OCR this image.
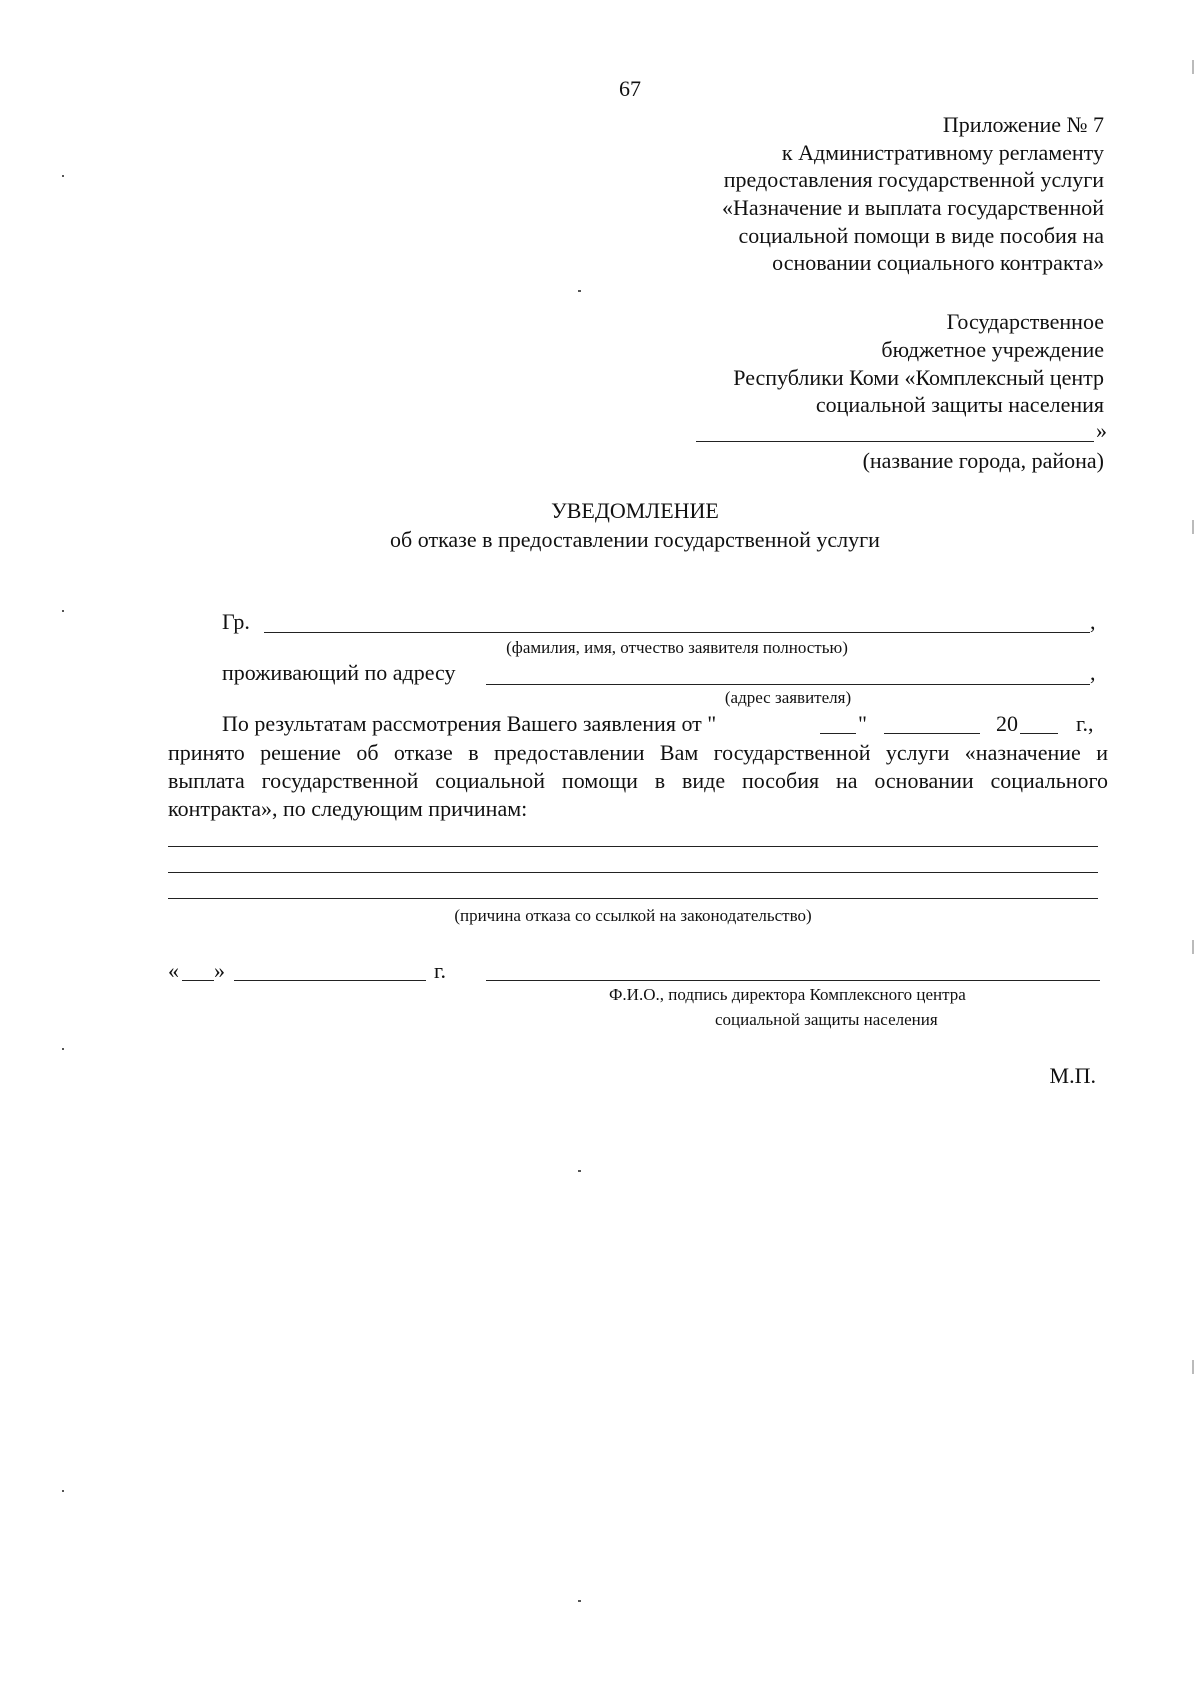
67
Приложение № 7
к Административному регламенту
предоставления государственной услуги
«Назначение и выплата государственной
социальной помощи в виде пособия на
основании социального контракта»
Государственное
бюджетное учреждение
Республики Коми «Комплексный центр
социальной защиты населения
»
(название города, района)
УВЕДОМЛЕНИЕ
об отказе в предоставлении государственной услуги
Гр.	,
(фамилия, имя, отчество заявителя полностью)
проживающий по адресу	,
(адрес заявителя)
По результатам рассмотрения Вашего заявления от "	"	20	г.,
принято решение об отказе в предоставлении Вам государственной услуги «назначение и
выплата государственной социальной помощи в виде пособия на основании социального
контракта», по следующим причинам:
(причина отказа со ссылкой на законодательство)
« »	г.
Ф.И.О., подпись директора Комплексного центра
социальной защиты населения
М.П.
